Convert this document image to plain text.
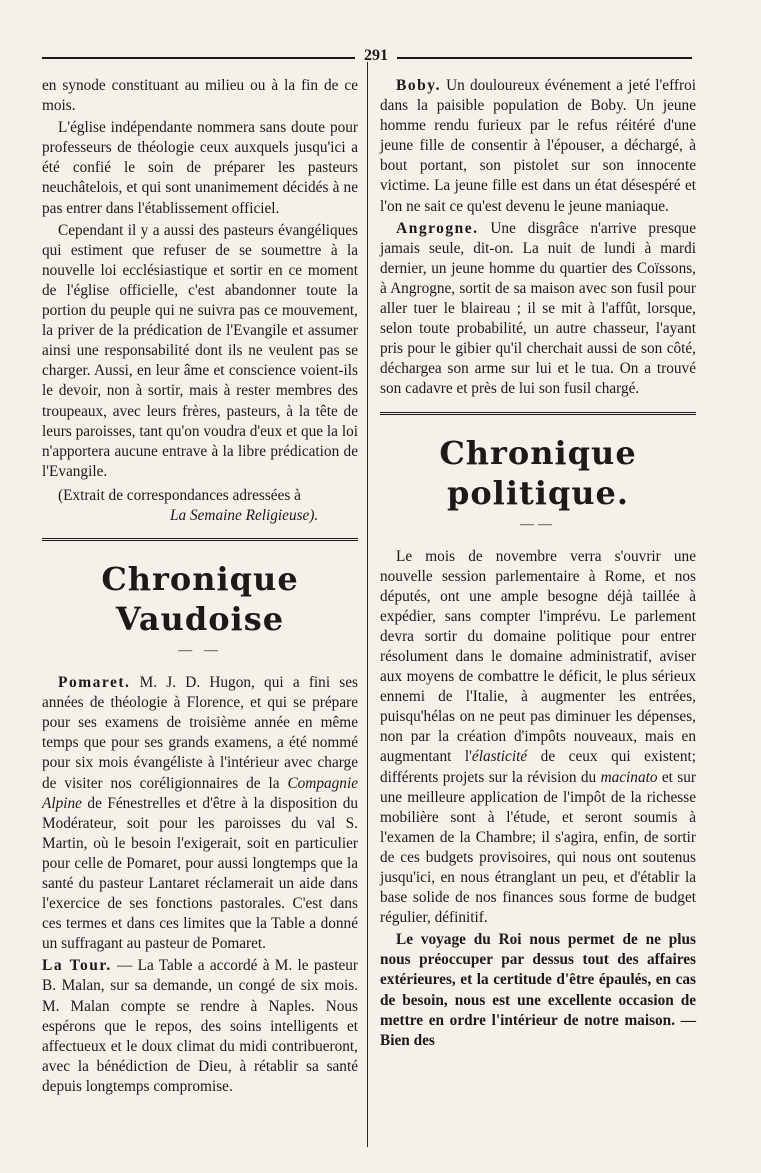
291

en synode constituant au milieu ou à la fin de ce mois.

L'église indépendante nommera sans doute pour professeurs de théologie ceux auxquels jusqu'ici a été confié le soin de préparer les pasteurs neuchâtelois, et qui sont unanimement décidés à ne pas entrer dans l'établissement officiel.

Cependant il y a aussi des pasteurs évangéliques qui estiment que refuser de se soumettre à la nouvelle loi ecclésiastique et sortir en ce moment de l'église officielle, c'est abandonner toute la portion du peuple qui ne suivra pas ce mouvement, la priver de la prédication de l'Evangile et assumer ainsi une responsabilité dont ils ne veulent pas se charger. Aussi, en leur âme et conscience voient-ils le devoir, non à sortir, mais à rester membres des troupeaux, avec leurs frères, pasteurs, à la tête de leurs paroisses, tant qu'on voudra d'eux et que la loi n'apportera aucune entrave à la libre prédication de l'Evangile.

(Extrait de correspondances adressées à
La Semaine Religieuse).

Chronique Vaudoise
— —

Pomaret. M. J. D. Hugon, qui a fini ses années de théologie à Florence, et qui se prépare pour ses examens de troisième année en même temps que pour ses grands examens, a été nommé pour six mois évangéliste à l'intérieur avec charge de visiter nos coréligionnaires de la Compagnie Alpine de Fénestrelles et d'être à la disposition du Modérateur, soit pour les paroisses du val S. Martin, où le besoin l'exigerait, soit en particulier pour celle de Pomaret, pour aussi longtemps que la santé du pasteur Lantaret réclamerait un aide dans l'exercice de ses fonctions pastorales. C'est dans ces termes et dans ces limites que la Table a donné un suffragant au pasteur de Pomaret.

La Tour. — La Table a accordé à M. le pasteur B. Malan, sur sa demande, un congé de six mois. M. Malan compte se rendre à Naples. Nous espérons que le repos, des soins intelligents et affectueux et le doux climat du midi contribueront, avec la bénédiction de Dieu, à rétablir sa santé depuis longtemps compromise.

Boby. Un douloureux événement a jeté l'effroi dans la paisible population de Boby. Un jeune homme rendu furieux par le refus réitéré d'une jeune fille de consentir à l'épouser, a déchargé, à bout portant, son pistolet sur son innocente victime. La jeune fille est dans un état désespéré et l'on ne sait ce qu'est devenu le jeune maniaque.

Angrogne. Une disgrâce n'arrive presque jamais seule, dit-on. La nuit de lundi à mardi dernier, un jeune homme du quartier des Coïssons, à Angrogne, sortit de sa maison avec son fusil pour aller tuer le blaireau ; il se mit à l'affût, lorsque, selon toute probabilité, un autre chasseur, l'ayant pris pour le gibier qu'il cherchait aussi de son côté, déchargea son arme sur lui et le tua. On a trouvé son cadavre et près de lui son fusil chargé.

Chronique politique.
——

Le mois de novembre verra s'ouvrir une nouvelle session parlementaire à Rome, et nos députés, ont une ample besogne déjà taillée à expédier, sans compter l'imprévu. Le parlement devra sortir du domaine politique pour entrer résolument dans le domaine administratif, aviser aux moyens de combattre le déficit, le plus sérieux ennemi de l'Italie, à augmenter les entrées, puisqu'hélas on ne peut pas diminuer les dépenses, non par la création d'impôts nouveaux, mais en augmentant l'élasticité de ceux qui existent; différents projets sur la révision du macinato et sur une meilleure application de l'impôt de la richesse mobilière sont à l'étude, et seront soumis à l'examen de la Chambre; il s'agira, enfin, de sortir de ces budgets provisoires, qui nous ont soutenus jusqu'ici, en nous étranglant un peu, et d'établir la base solide de nos finances sous forme de budget régulier, définitif.

Le voyage du Roi nous permet de ne plus nous préoccuper par dessus tout des affaires extérieures, et la certitude d'être épaulés, en cas de besoin, nous est une excellente occasion de mettre en ordre l'intérieur de notre maison. — Bien des
